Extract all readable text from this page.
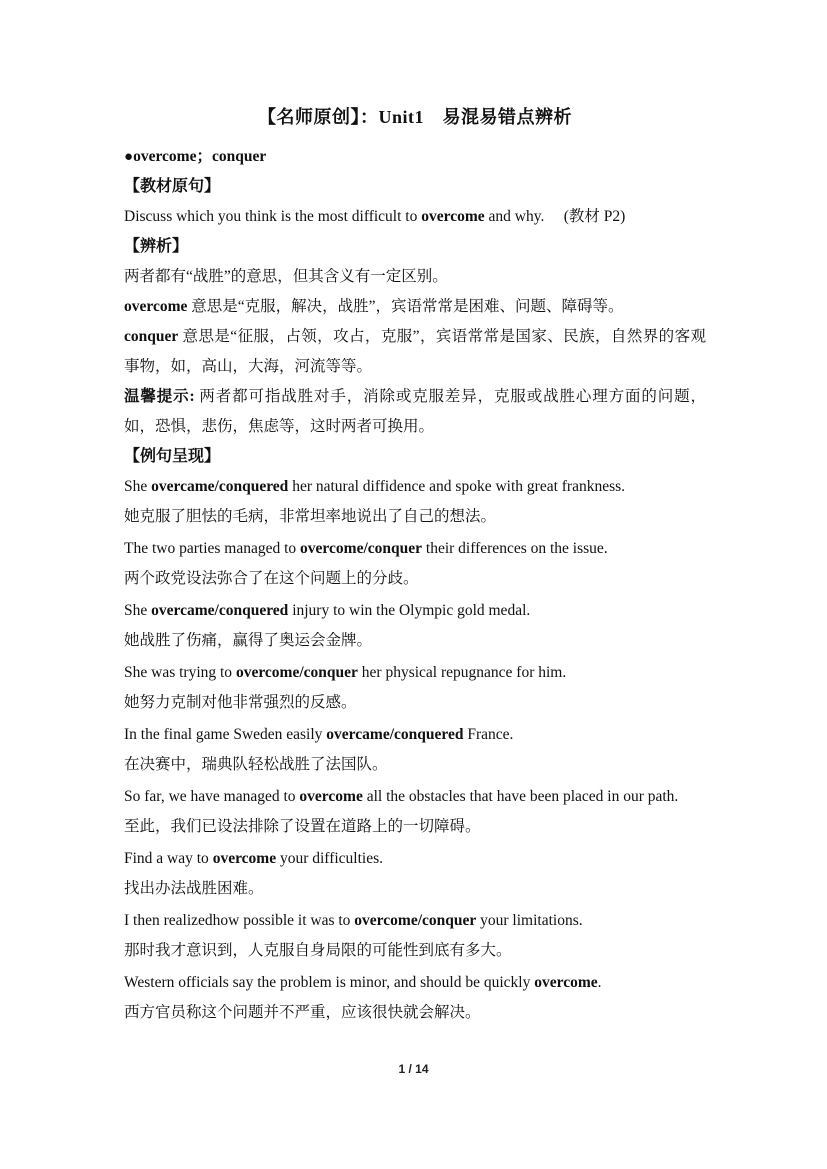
【名师原创】：Unit1　易混易错点辨析

●overcome；conquer

【教材原句】

Discuss which you think is the most difficult to overcome and why.　 (教材 P2)

【辨析】

两者都有“战胜”的意思，但其含义有一定区别。

overcome 意思是“克服，解决，战胜”，宾语常常是困难、问题、障碍等。

conquer 意思是“征服，占领，攻占，克服”，宾语常常是国家、民族，自然界的客观事物，如，高山，大海，河流等等。

温馨提示: 两者都可指战胜对手，消除或克服差异，克服或战胜心理方面的问题，如，恐惧，悲伤，焦虑等，这时两者可换用。

【例句呈现】

She overcame/conquered her natural diffidence and spoke with great frankness.

她克服了胆怯的毛病，非常坦率地说出了自己的想法。

The two parties managed to overcome/conquer their differences on the issue.

两个政党设法弥合了在这个问题上的分歧。

She overcame/conquered injury to win the Olympic gold medal.

她战胜了伤痛，赢得了奥运会金牌。

She was trying to overcome/conquer her physical repugnance for him.

她努力克制对他非常强烈的反感。

In the final game Sweden easily overcame/conquered France.

在决赛中，瑞典队轻松战胜了法国队。

So far, we have managed to overcome all the obstacles that have been placed in our path.

至此，我们已设法排除了设置在道路上的一切障碍。

Find a way to overcome your difficulties.

找出办法战胜困难。

I then realizedhow possible it was to overcome/conquer your limitations.

那时我才意识到，人克服自身局限的可能性到底有多大。

Western officials say the problem is minor, and should be quickly overcome.

西方官员称这个问题并不严重，应该很快就会解决。

1 / 14
